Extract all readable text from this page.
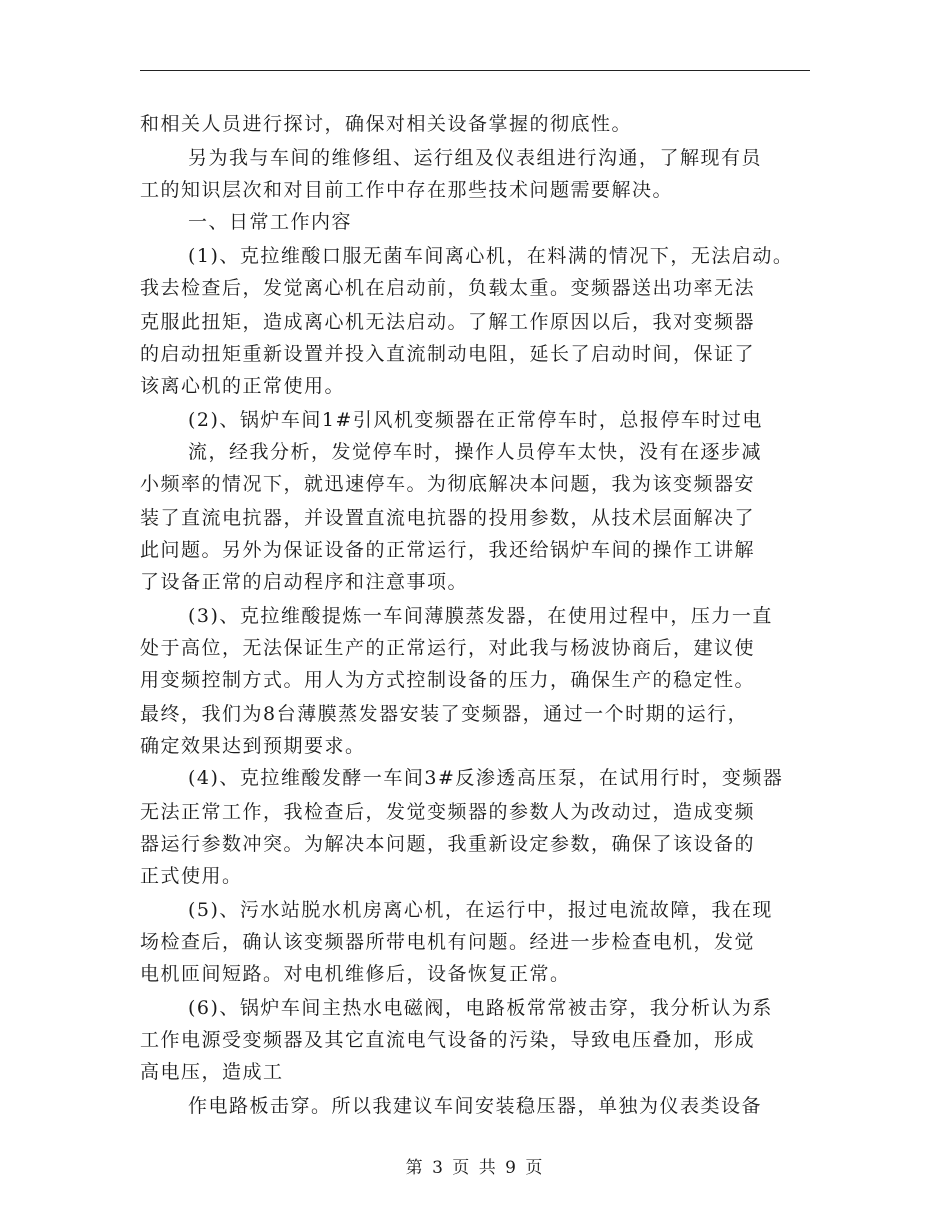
和相关人员进行探讨，确保对相关设备掌握的彻底性。
另为我与车间的维修组、运行组及仪表组进行沟通，了解现有员
工的知识层次和对目前工作中存在那些技术问题需要解决。
一、日常工作内容
(1)、克拉维酸口服无菌车间离心机，在料满的情况下，无法启动。
我去检查后，发觉离心机在启动前，负载太重。变频器送出功率无法
克服此扭矩，造成离心机无法启动。了解工作原因以后，我对变频器
的启动扭矩重新设置并投入直流制动电阻，延长了启动时间，保证了
该离心机的正常使用。
(2)、锅炉车间1#引风机变频器在正常停车时，总报停车时过电
流，经我分析，发觉停车时，操作人员停车太快，没有在逐步减
小频率的情况下，就迅速停车。为彻底解决本问题，我为该变频器安
装了直流电抗器，并设置直流电抗器的投用参数，从技术层面解决了
此问题。另外为保证设备的正常运行，我还给锅炉车间的操作工讲解
了设备正常的启动程序和注意事项。
(3)、克拉维酸提炼一车间薄膜蒸发器，在使用过程中，压力一直
处于高位，无法保证生产的正常运行，对此我与杨波协商后，建议使
用变频控制方式。用人为方式控制设备的压力，确保生产的稳定性。
最终，我们为8台薄膜蒸发器安装了变频器，通过一个时期的运行，
确定效果达到预期要求。
(4)、克拉维酸发酵一车间3#反渗透高压泵，在试用行时，变频器
无法正常工作，我检查后，发觉变频器的参数人为改动过，造成变频
器运行参数冲突。为解决本问题，我重新设定参数，确保了该设备的
正式使用。
(5)、污水站脱水机房离心机，在运行中，报过电流故障，我在现
场检查后，确认该变频器所带电机有问题。经进一步检查电机，发觉
电机匝间短路。对电机维修后，设备恢复正常。
(6)、锅炉车间主热水电磁阀，电路板常常被击穿，我分析认为系
工作电源受变频器及其它直流电气设备的污染，导致电压叠加，形成
高电压，造成工
作电路板击穿。所以我建议车间安装稳压器，单独为仪表类设备
第 3 页 共 9 页
